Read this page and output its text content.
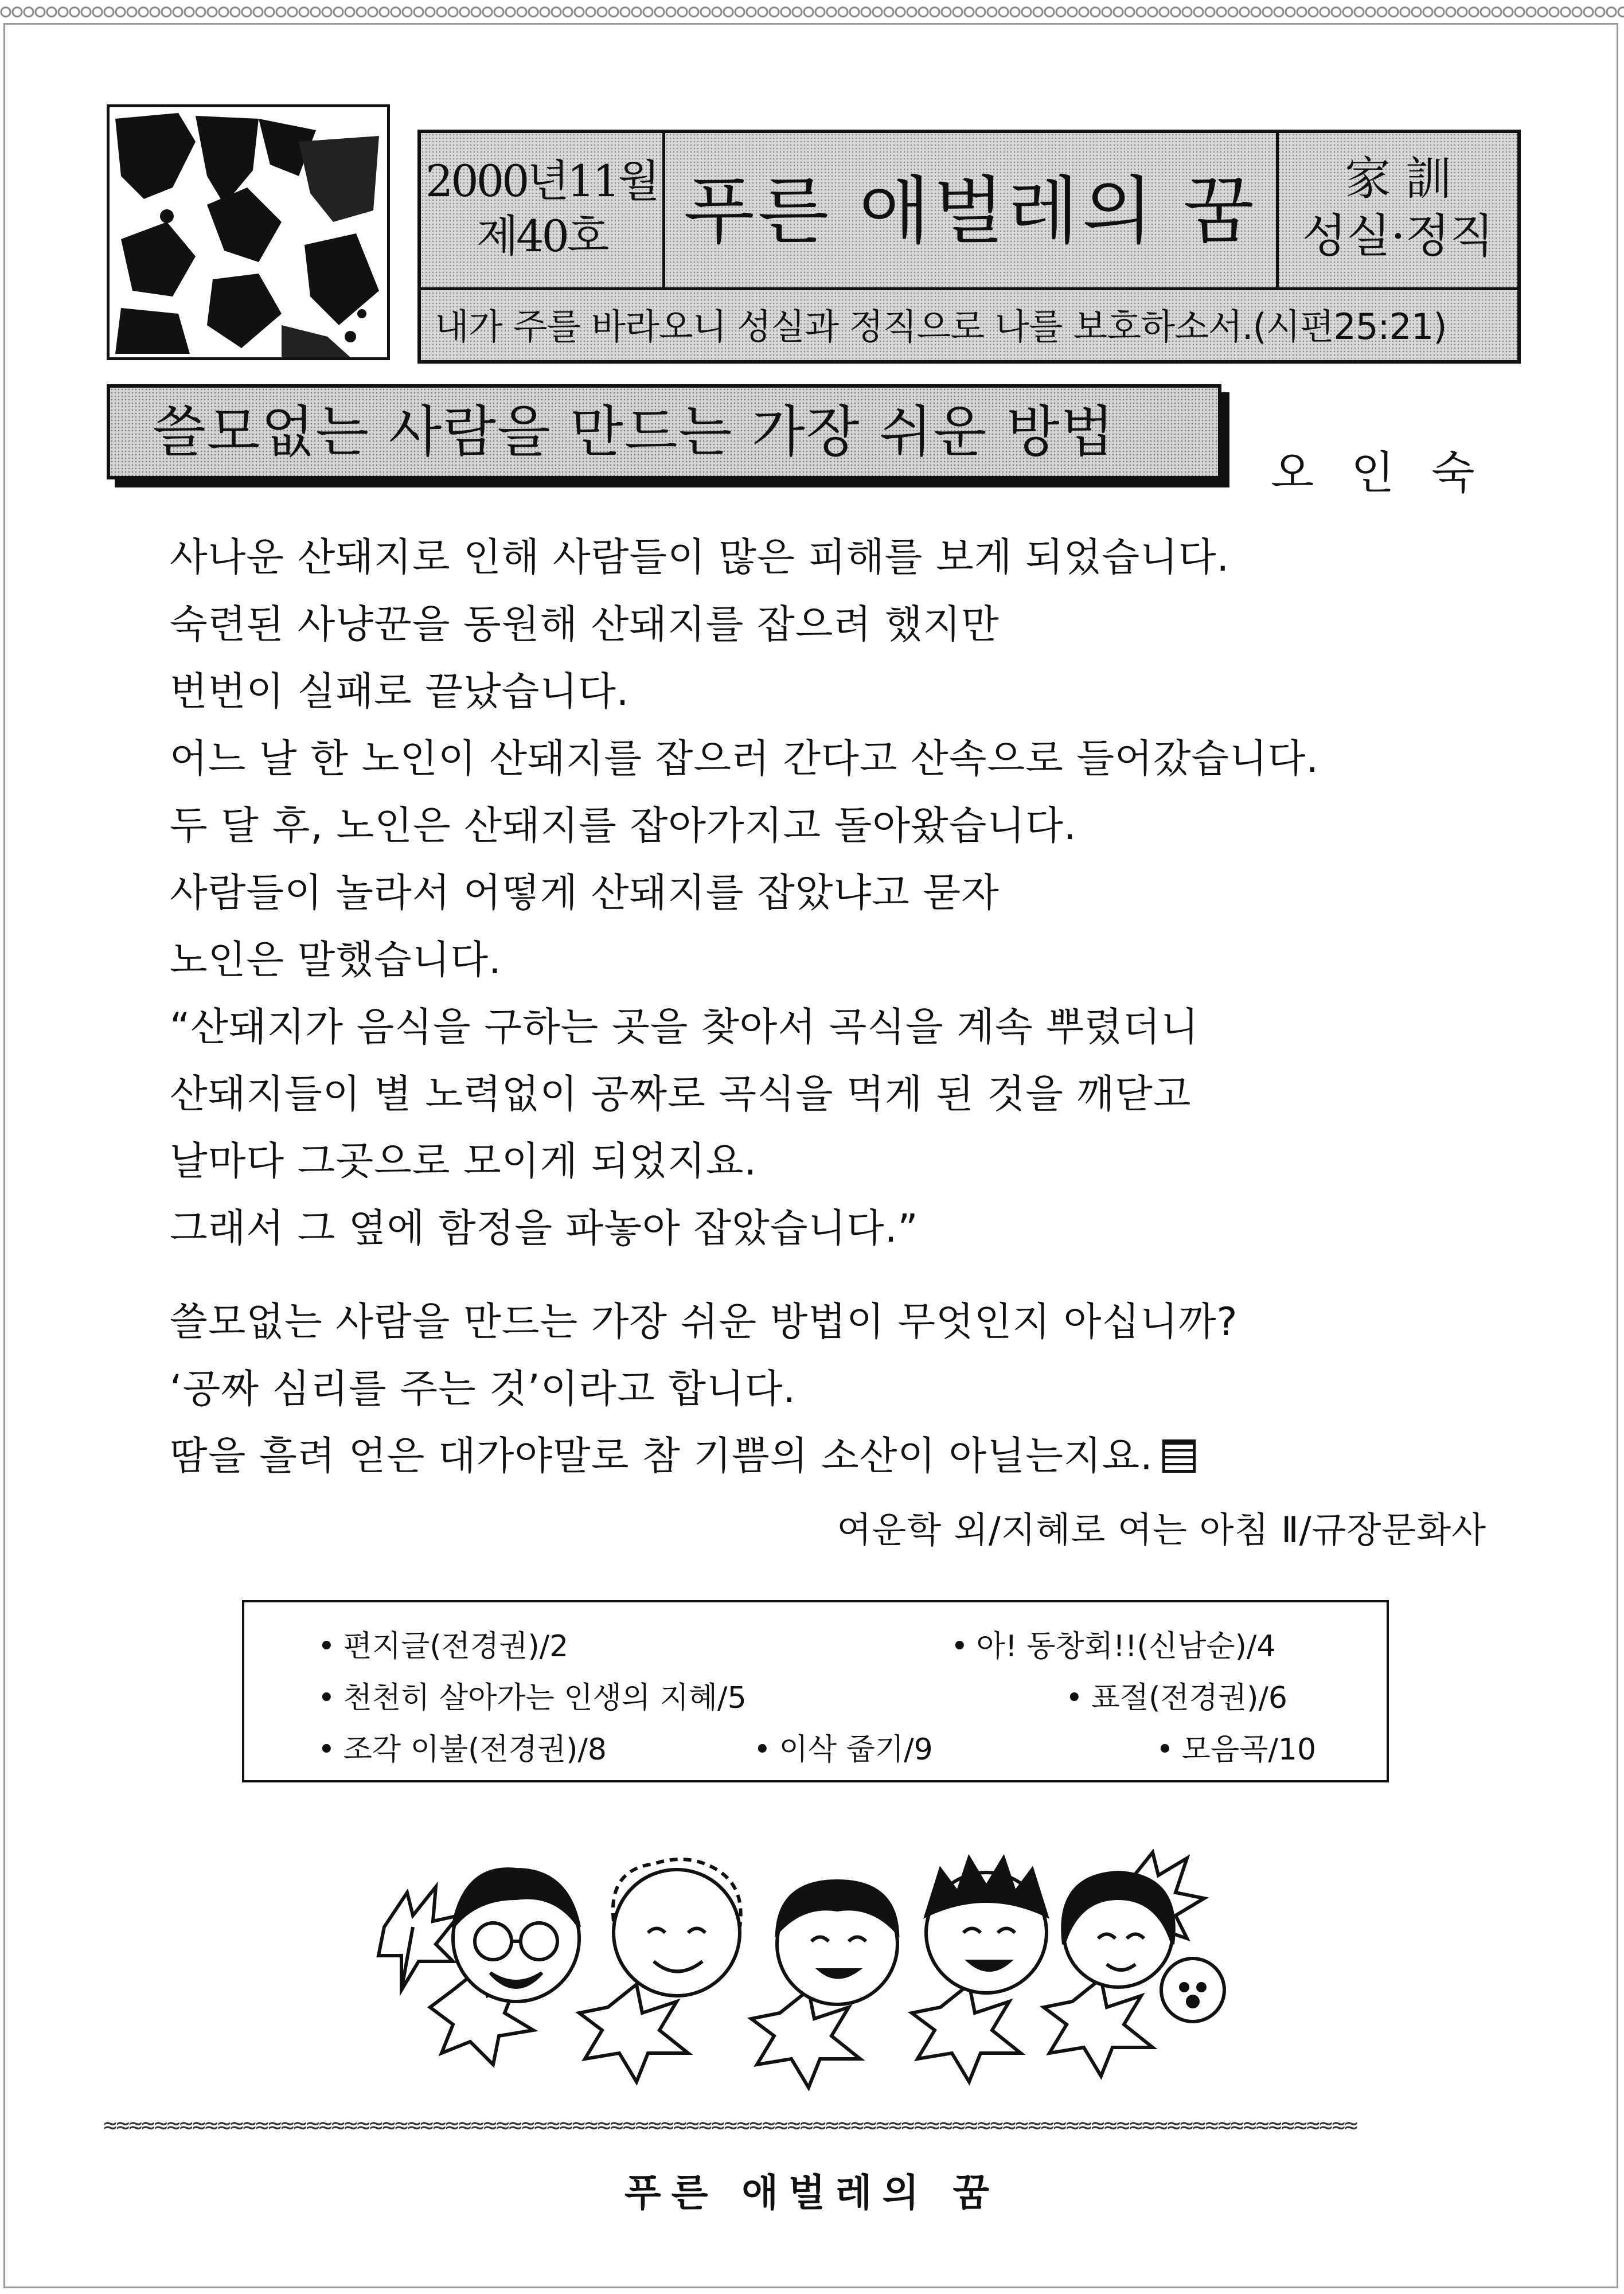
2000년11월
제40호	푸른 애벌레의 꿈	家 訓
성실·정직
내가 주를 바라오니 성실과 정직으로 나를 보호하소서.(시편25:21)
쓸모없는 사람을 만드는 가장 쉬운 방법
오 인 숙
사나운 산돼지로 인해 사람들이 많은 피해를 보게 되었습니다.
숙련된 사냥꾼을 동원해 산돼지를 잡으려 했지만
번번이 실패로 끝났습니다.
어느 날 한 노인이 산돼지를 잡으러 간다고 산속으로 들어갔습니다.
두 달 후, 노인은 산돼지를 잡아가지고 돌아왔습니다.
사람들이 놀라서 어떻게 산돼지를 잡았냐고 묻자
노인은 말했습니다.
“산돼지가 음식을 구하는 곳을 찾아서 곡식을 계속 뿌렸더니
산돼지들이 별 노력없이 공짜로 곡식을 먹게 된 것을 깨닫고
날마다 그곳으로 모이게 되었지요.
그래서 그 옆에 함정을 파놓아 잡았습니다.”
쓸모없는 사람을 만드는 가장 쉬운 방법이 무엇인지 아십니까?
‘공짜 심리를 주는 것’이라고 합니다.
땀을 흘려 얻은 대가야말로 참 기쁨의 소산이 아닐는지요.
여운학 외/지혜로 여는 아침 Ⅱ/규장문화사
• 편지글(전경권)/2	• 아! 동창회!!(신남순)/4
• 천천히 살아가는 인생의 지혜/5	• 표절(전경권)/6
• 조각 이불(전경권)/8	• 이삭 줍기/9	• 모음곡/10
≈≈≈≈≈≈≈≈≈≈≈≈≈≈≈≈≈≈≈≈≈≈≈≈≈≈≈≈≈≈≈≈≈≈≈≈≈≈≈≈≈≈≈≈≈≈≈≈≈≈≈≈≈≈≈≈≈≈≈≈≈≈≈≈≈≈≈≈≈≈≈≈≈≈≈≈≈≈≈≈≈≈≈≈≈≈≈≈≈≈≈≈≈≈≈≈≈≈≈
푸른 애벌레의 꿈
